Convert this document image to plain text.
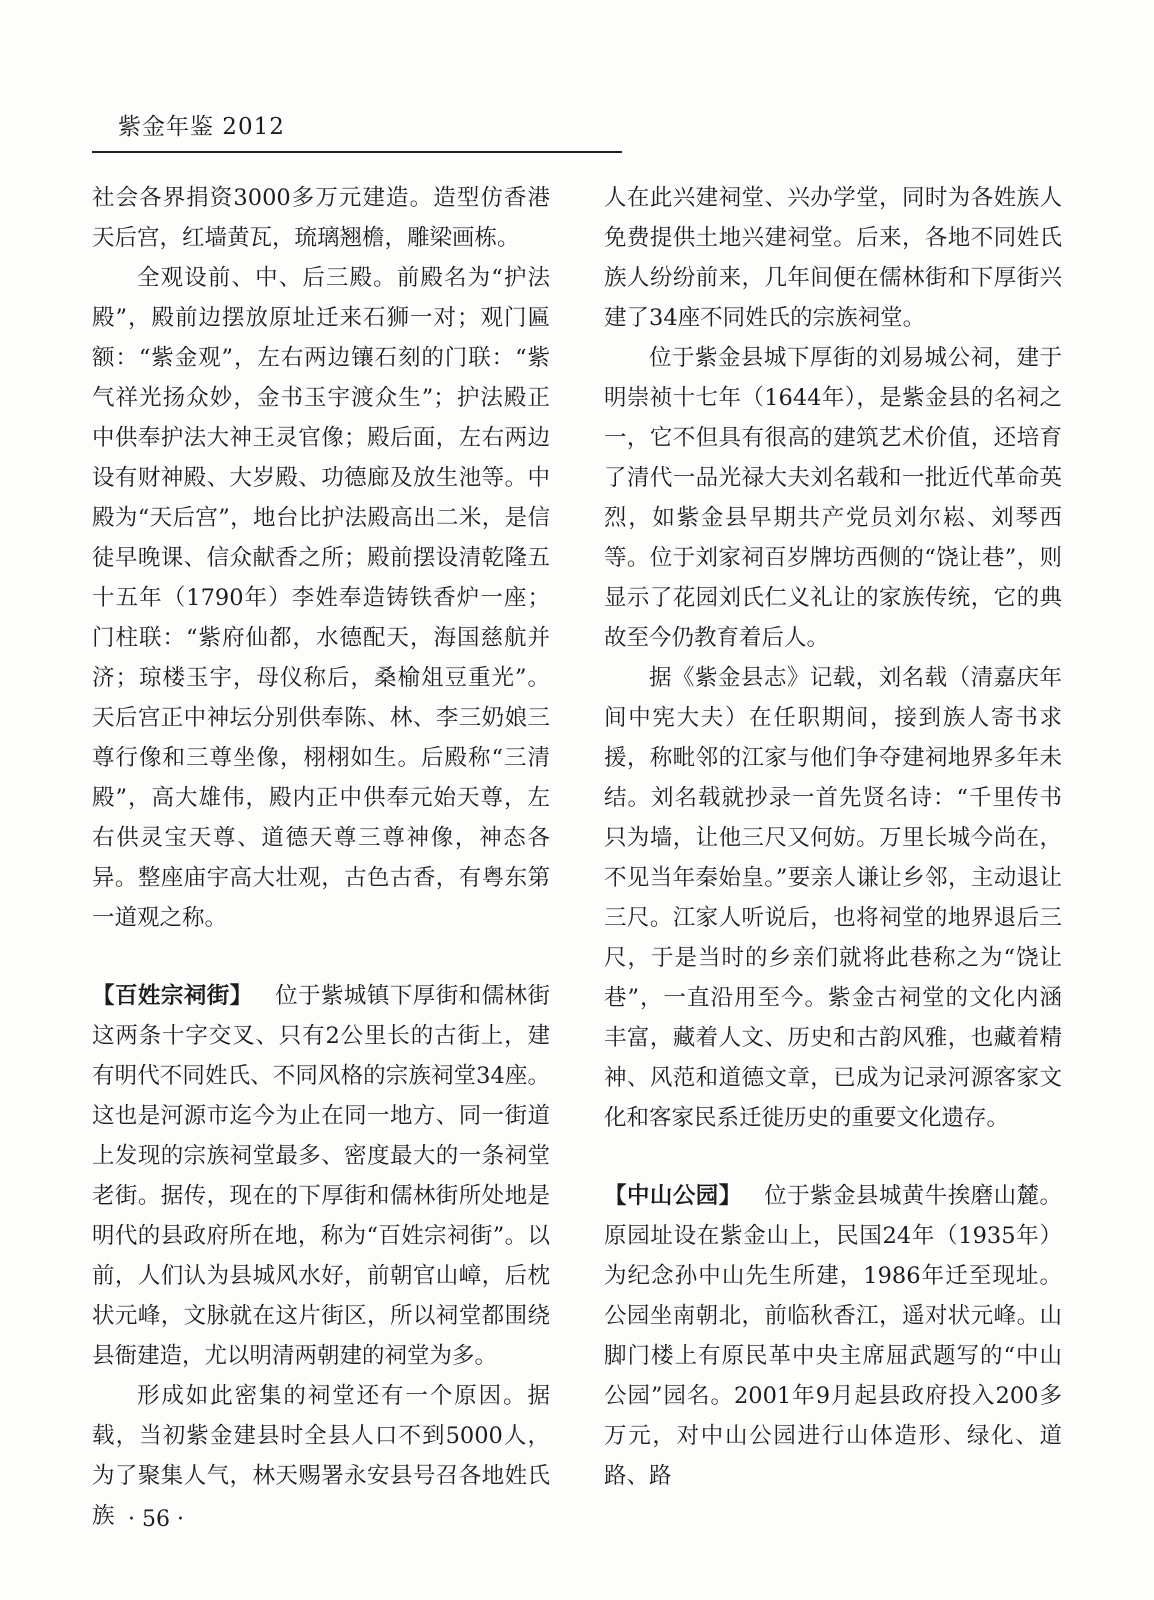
紫金年鉴 2012

社会各界捐资3000多万元建造。造型仿香港天后宫，红墙黄瓦，琉璃翘檐，雕梁画栋。

全观设前、中、后三殿。前殿名为“护法殿”，殿前边摆放原址迁来石狮一对；观门匾额：“紫金观”，左右两边镶石刻的门联：“紫气祥光扬众妙，金书玉宇渡众生”；护法殿正中供奉护法大神王灵官像；殿后面，左右两边设有财神殿、大岁殿、功德廊及放生池等。中殿为“天后宫”，地台比护法殿高出二米，是信徒早晚课、信众献香之所；殿前摆设清乾隆五十五年（1790年）李姓奉造铸铁香炉一座；门柱联：“紫府仙都，水德配天，海国慈航并济；琼楼玉宇，母仪称后，桑榆俎豆重光”。天后宫正中神坛分别供奉陈、林、李三奶娘三尊行像和三尊坐像，栩栩如生。后殿称“三清殿”，高大雄伟，殿内正中供奉元始天尊，左右供灵宝天尊、道德天尊三尊神像，神态各异。整座庙宇高大壮观，古色古香，有粤东第一道观之称。

【百姓宗祠街】 位于紫城镇下厚街和儒林街这两条十字交叉、只有2公里长的古街上，建有明代不同姓氏、不同风格的宗族祠堂34座。这也是河源市迄今为止在同一地方、同一街道上发现的宗族祠堂最多、密度最大的一条祠堂老街。据传，现在的下厚街和儒林街所处地是明代的县政府所在地，称为“百姓宗祠街”。以前，人们认为县城风水好，前朝官山嶂，后枕状元峰，文脉就在这片街区，所以祠堂都围绕县衙建造，尤以明清两朝建的祠堂为多。

形成如此密集的祠堂还有一个原因。据载，当初紫金建县时全县人口不到5000人，为了聚集人气，林天赐署永安县号召各地姓氏族

人在此兴建祠堂、兴办学堂，同时为各姓族人免费提供土地兴建祠堂。后来，各地不同姓氏族人纷纷前来，几年间便在儒林街和下厚街兴建了34座不同姓氏的宗族祠堂。

位于紫金县城下厚街的刘易城公祠，建于明崇祯十七年（1644年），是紫金县的名祠之一，它不但具有很高的建筑艺术价值，还培育了清代一品光禄大夫刘名载和一批近代革命英烈，如紫金县早期共产党员刘尔崧、刘琴西等。位于刘家祠百岁牌坊西侧的“饶让巷”，则显示了花园刘氏仁义礼让的家族传统，它的典故至今仍教育着后人。

据《紫金县志》记载，刘名载（清嘉庆年间中宪大夫）在任职期间，接到族人寄书求援，称毗邻的江家与他们争夺建祠地界多年未结。刘名载就抄录一首先贤名诗：“千里传书只为墙，让他三尺又何妨。万里长城今尚在，不见当年秦始皇。”要亲人谦让乡邻，主动退让三尺。江家人听说后，也将祠堂的地界退后三尺，于是当时的乡亲们就将此巷称之为“饶让巷”，一直沿用至今。紫金古祠堂的文化内涵丰富，藏着人文、历史和古韵风雅，也藏着精神、风范和道德文章，已成为记录河源客家文化和客家民系迁徙历史的重要文化遗存。

【中山公园】 位于紫金县城黄牛挨磨山麓。原园址设在紫金山上，民国24年（1935年）为纪念孙中山先生所建，1986年迁至现址。公园坐南朝北，前临秋香江，遥对状元峰。山脚门楼上有原民革中央主席屈武题写的“中山公园”园名。2001年9月起县政府投入200多万元，对中山公园进行山体造形、绿化、道路、路

· 56 ·
